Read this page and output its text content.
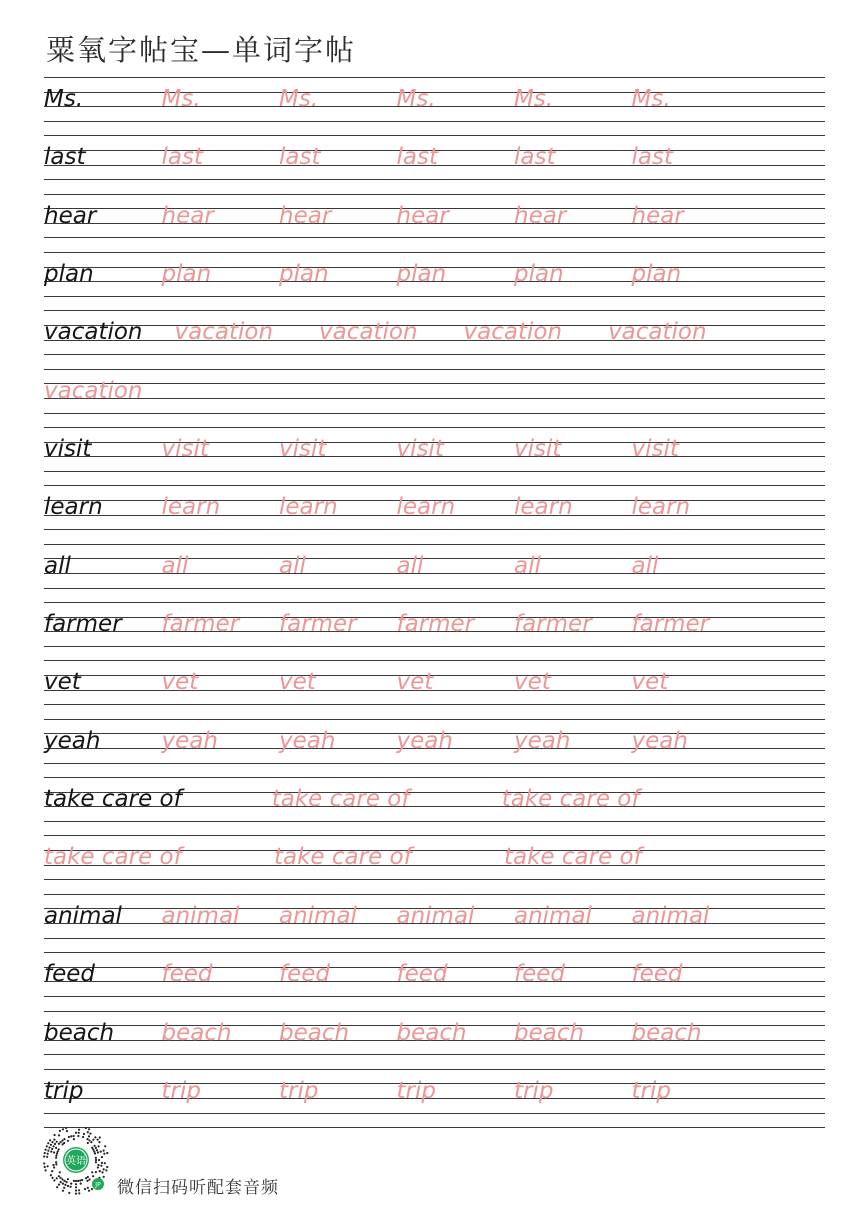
粟氧字帖宝—单词字帖
Ms.	Ms.	Ms.	Ms.	Ms.	Ms.
last	last	last	last	last	last
hear	hear	hear	hear	hear	hear
plan	plan	plan	plan	plan	plan
vacation vacation vacation vacation vacation
vacation
visit	visit	visit	visit	visit	visit
learn	learn	learn	learn	learn	learn
all	all	all	all	all	all
farmer farmer farmer farmer farmer farmer
vet	vet	vet	vet	vet	vet
yeah	yeah	yeah	yeah	yeah	yeah
take care of	take care of	take care of
take care of	take care of	take care of
animal animal animal animal animal animal
feed	feed	feed	feed	feed	feed
beach beach beach beach beach beach
trip	trip	trip	trip	trip	trip
英语
JP 微信扫码听配套音频
